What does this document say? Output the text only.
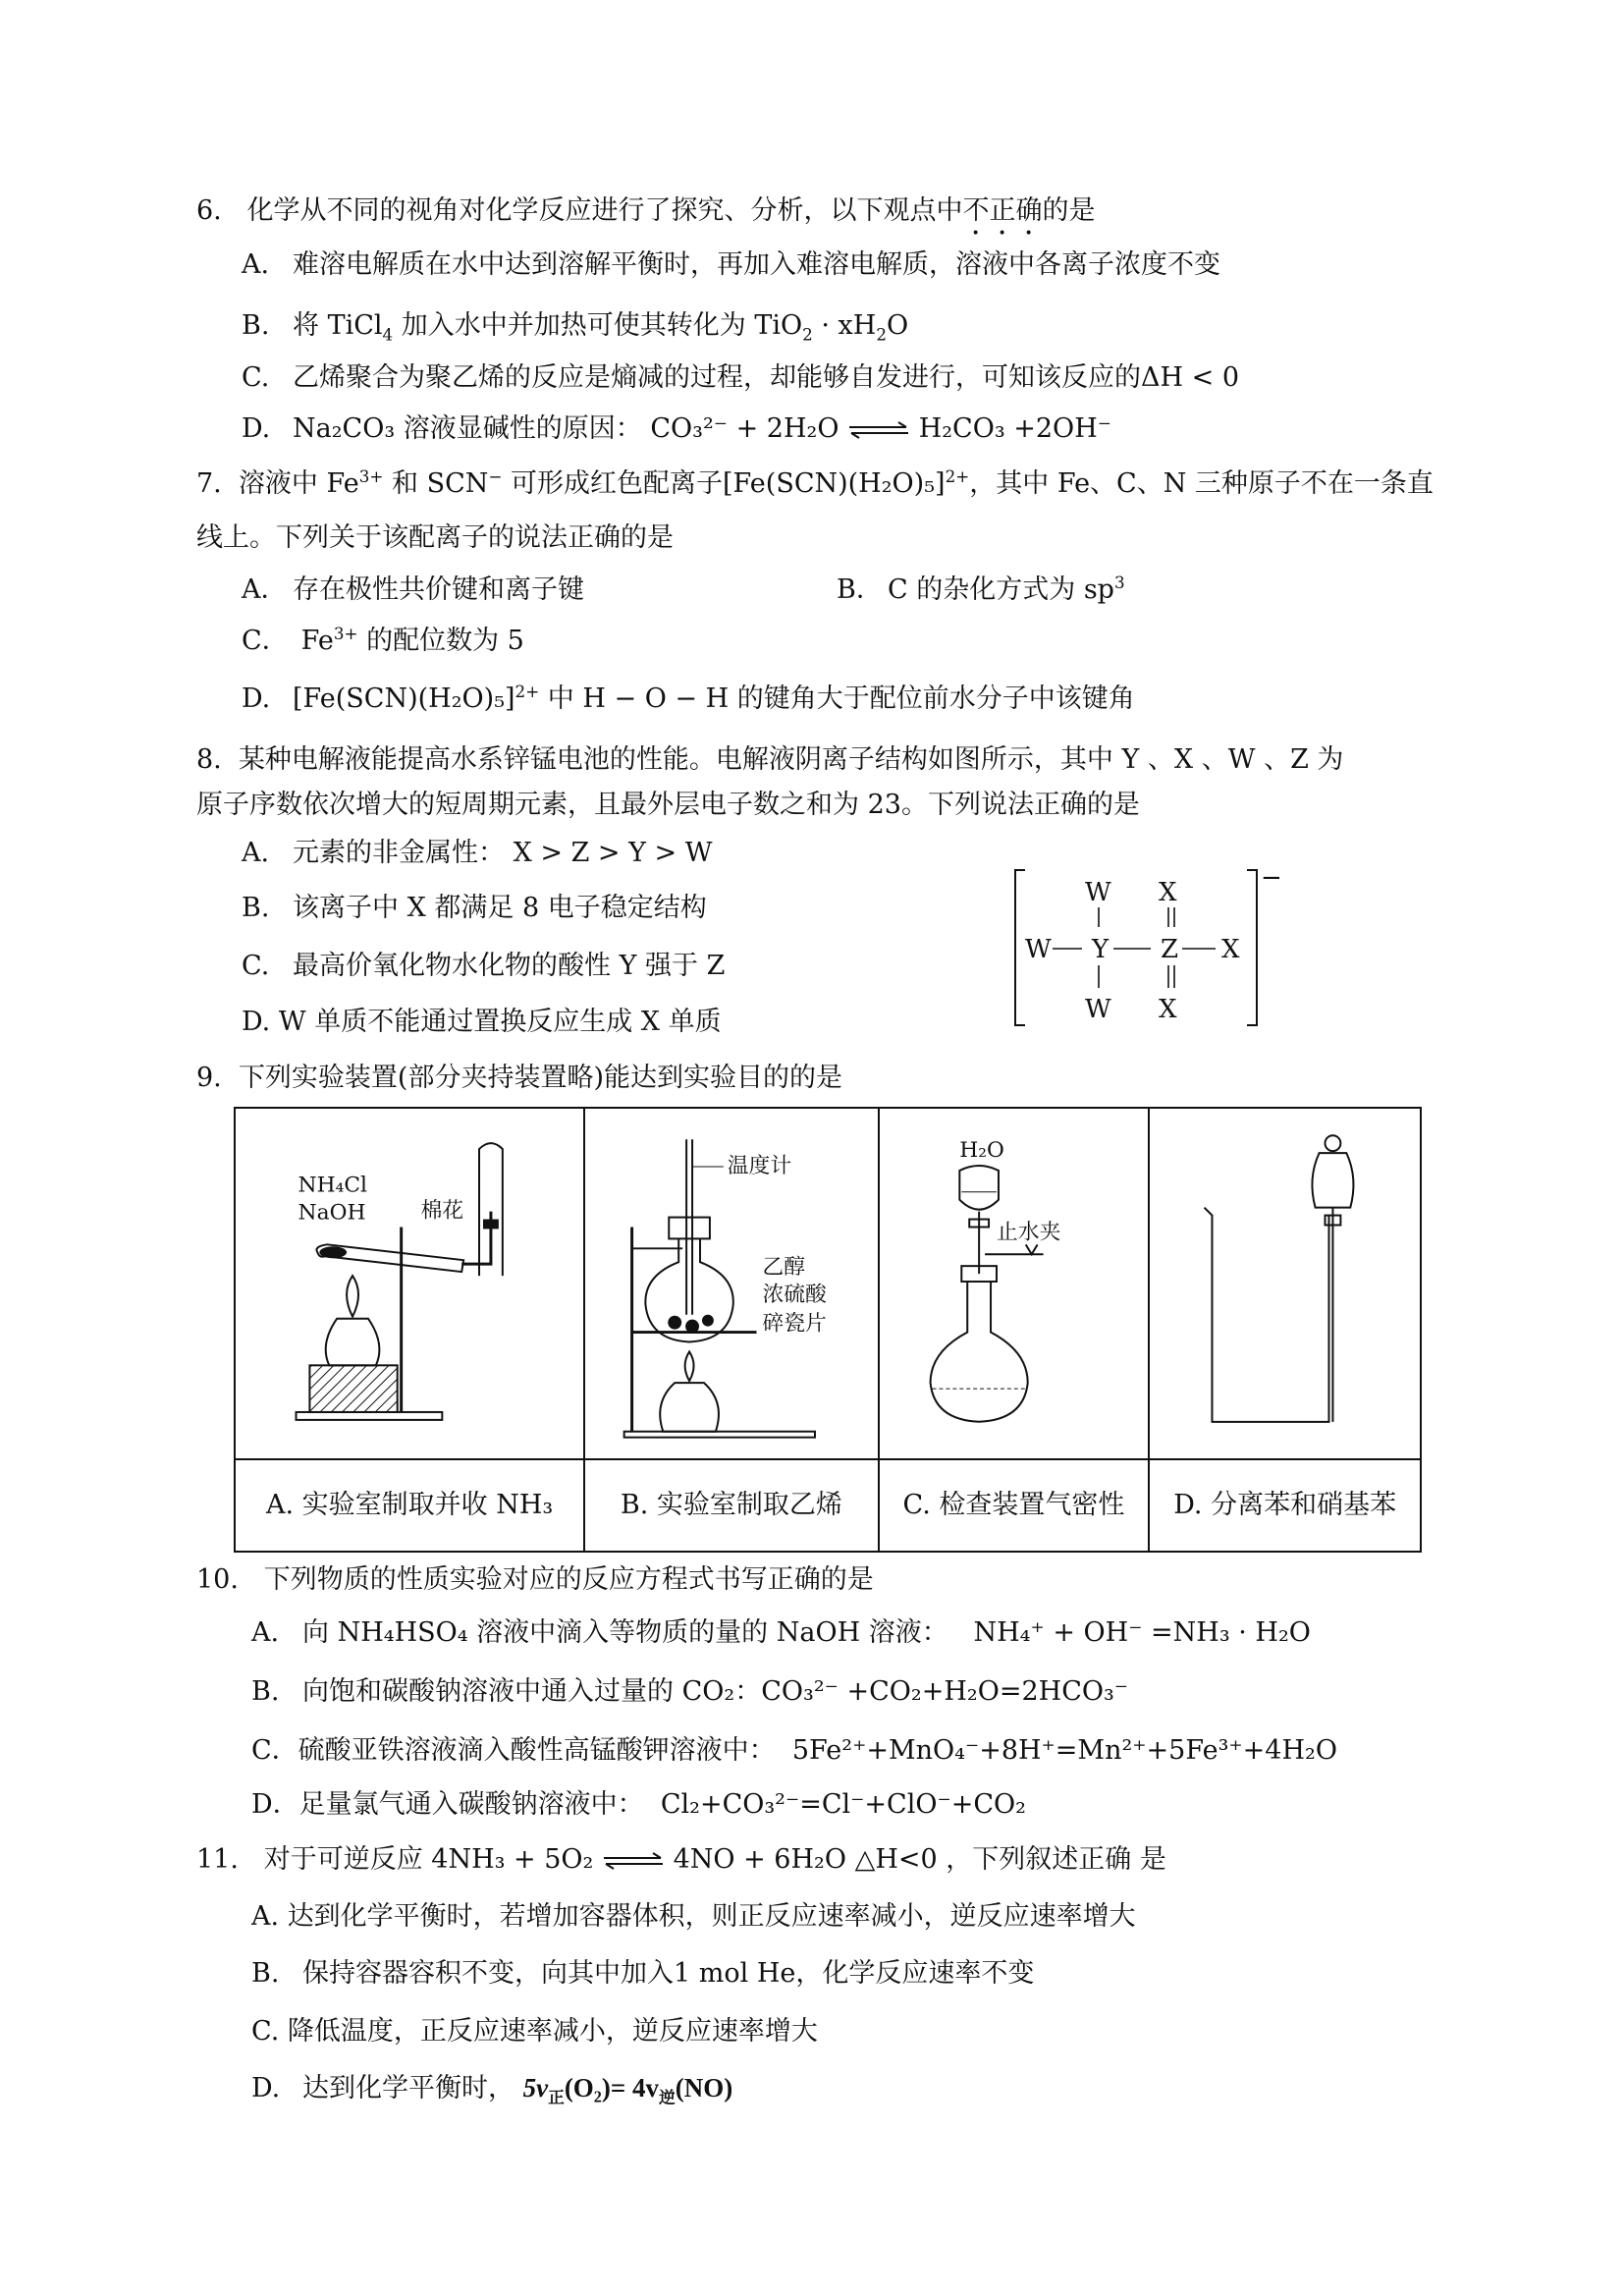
6. 化学从不同的视角对化学反应进行了探究、分析，以下观点中不正确的是
A. 难溶电解质在水中达到溶解平衡时，再加入难溶电解质，溶液中各离子浓度不变
B. 将 TiCl$_4$ 加入水中并加热可使其转化为 $TiO_2 \cdot xH_2O$
C. 乙烯聚合为聚乙烯的反应是熵减的过程，却能够自发进行，可知该反应的ΔH < 0
D. Na₂CO₃ 溶液显碱性的原因： CO₃²⁻ + 2H₂O ⇌ H₂CO₃ +2OH⁻
7. 溶液中 $Fe^{3+}$ 和 SCN− 可形成红色配离子$[Fe(SCN)(H_2O)_5]^{2+}$，其中 Fe、C、N 三种原子不在一条直
线上。下列关于该配离子的说法正确的是
A． 存在极性共价键和离子键	B． C 的杂化方式为 $sp^3$
C． $Fe^{3+}$ 的配位数为 5
D. $[Fe(SCN)(H_2O)_5]^{2+}$ 中 H − O − H 的键角大于配位前水分子中该键角
8. 某种电解液能提高水系锌锰电池的性能。电解液阴离子结构如图所示，其中 Y 、X 、W 、Z 为
原子序数依次增大的短周期元素，且最外层电子数之和为 23。下列说法正确的是
A. 元素的非金属性： X > Z > Y > W
B. 该离子中 X 都满足 8 电子稳定结构
C. 最高价氧化物水化物的酸性 Y 强于 Z
D. W 单质不能通过置换反应生成 X 单质
−
W X
W Y Z X
W X
9. 下列实验装置(部分夹持装置略)能达到实验目的的是
NH₄Cl
NaOH 棉花	温度计
乙醇
浓硫酸
碎瓷片	H₂O
止水夹

A. 实验室制取并收 NH₃	B. 实验室制取乙烯	C. 检查装置气密性	D. 分离苯和硝基苯
10. 下列物质的性质实验对应的反应方程式书写正确的是
A. 向 NH₄HSO₄ 溶液中滴入等物质的量的 NaOH 溶液： NH₄⁺ + OH⁻ =NH₃ · H₂O
B. 向饱和碳酸钠溶液中通入过量的 CO₂：CO₃²⁻ +CO₂+H₂O=2HCO₃⁻
C．硫酸亚铁溶液滴入酸性高锰酸钾溶液中： 5Fe²⁺+MnO₄⁻+8H⁺=Mn²⁺+5Fe³⁺+4H₂O
D．足量氯气通入碳酸钠溶液中： Cl₂+CO₃²⁻=Cl⁻+ClO⁻+CO₂
11. 对于可逆反应 4NH₃ + 5O₂ ⇌ 4NO + 6H₂O △H<0 ，下列叙述正确 是
A. 达到化学平衡时，若增加容器体积，则正反应速率减小，逆反应速率增大
B. 保持容器容积不变，向其中加入1 mol He，化学反应速率不变
C. 降低温度，正反应速率减小，逆反应速率增大
D. 达到化学平衡时， $5v_正(O_2)= 4v_逆(NO)$
